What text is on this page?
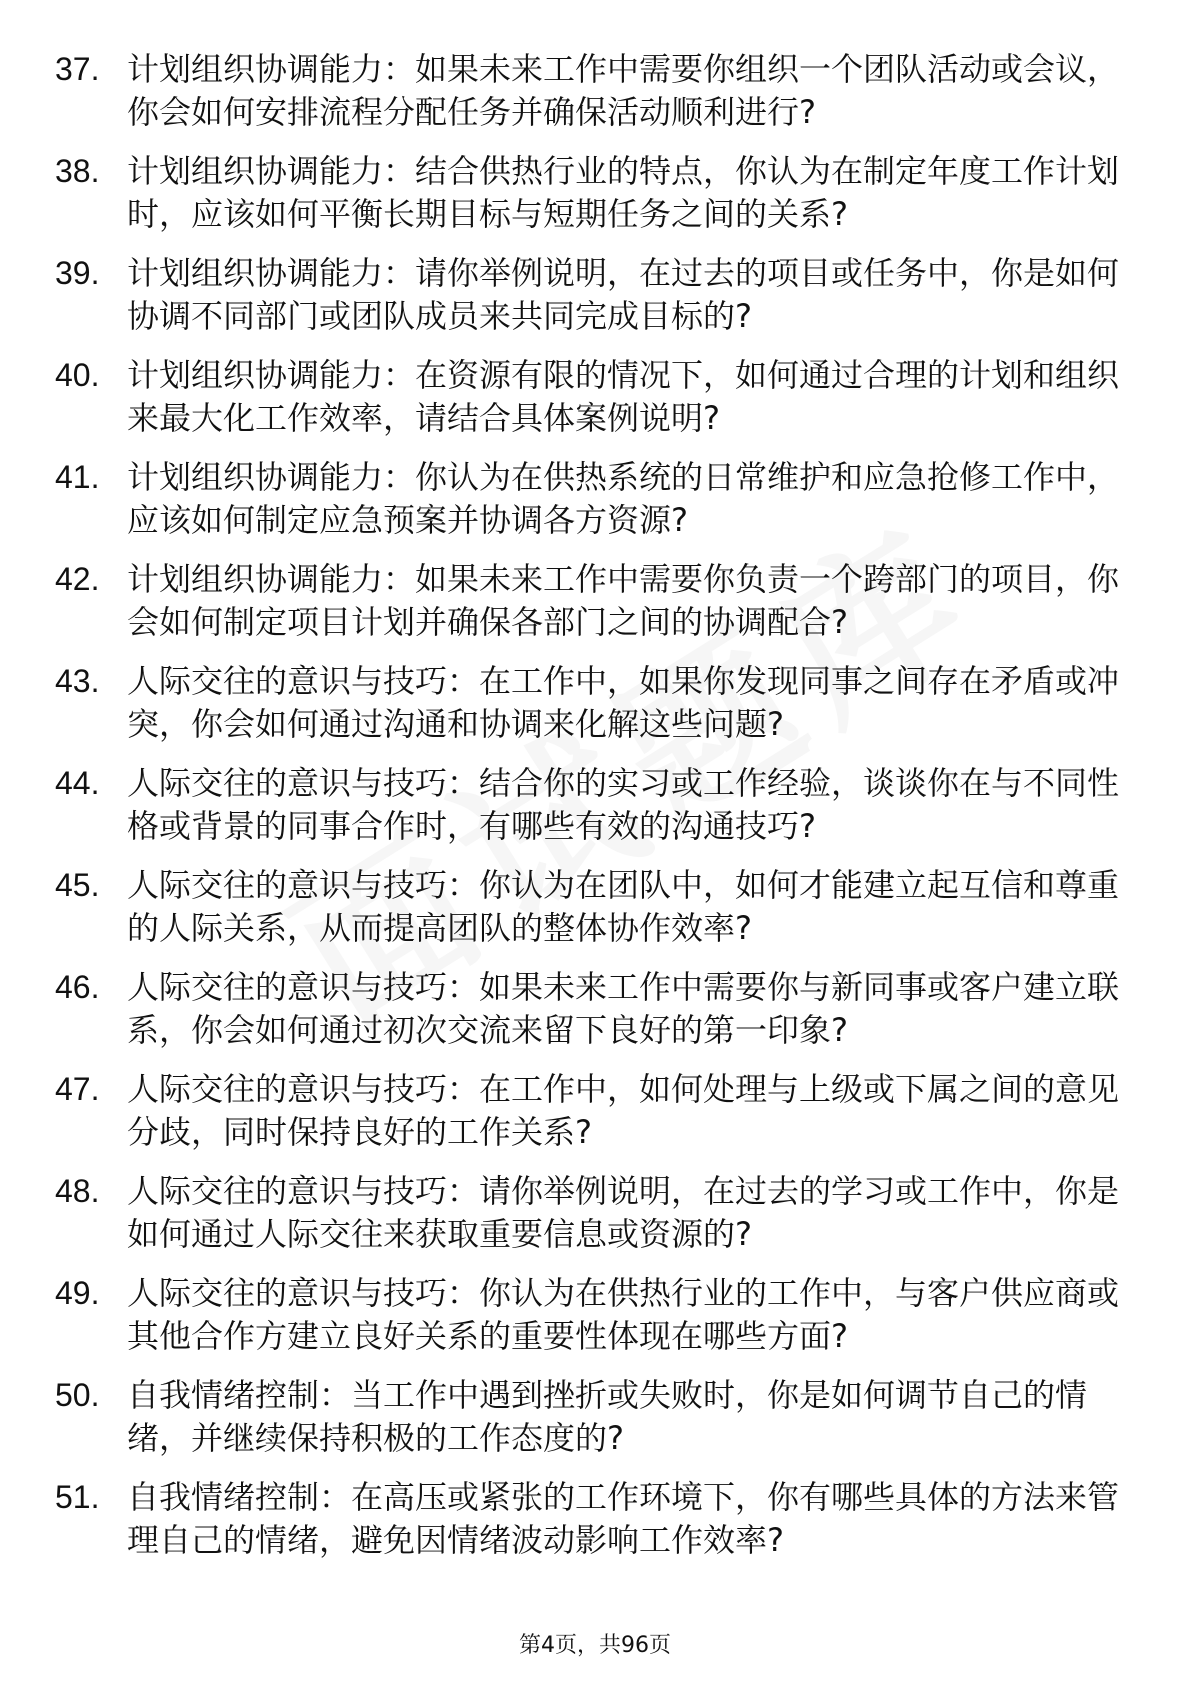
37. 计划组织协调能力：如果未来工作中需要你组织一个团队活动或会议，你会如何安排流程分配任务并确保活动顺利进行?
38. 计划组织协调能力：结合供热行业的特点，你认为在制定年度工作计划时，应该如何平衡长期目标与短期任务之间的关系?
39. 计划组织协调能力：请你举例说明，在过去的项目或任务中，你是如何协调不同部门或团队成员来共同完成目标的?
40. 计划组织协调能力：在资源有限的情况下，如何通过合理的计划和组织来最大化工作效率，请结合具体案例说明?
41. 计划组织协调能力：你认为在供热系统的日常维护和应急抢修工作中，应该如何制定应急预案并协调各方资源?
42. 计划组织协调能力：如果未来工作中需要你负责一个跨部门的项目，你会如何制定项目计划并确保各部门之间的协调配合?
43. 人际交往的意识与技巧：在工作中，如果你发现同事之间存在矛盾或冲突，你会如何通过沟通和协调来化解这些问题?
44. 人际交往的意识与技巧：结合你的实习或工作经验，谈谈你在与不同性格或背景的同事合作时，有哪些有效的沟通技巧?
45. 人际交往的意识与技巧：你认为在团队中，如何才能建立起互信和尊重的人际关系，从而提高团队的整体协作效率?
46. 人际交往的意识与技巧：如果未来工作中需要你与新同事或客户建立联系，你会如何通过初次交流来留下良好的第一印象?
47. 人际交往的意识与技巧：在工作中，如何处理与上级或下属之间的意见分歧，同时保持良好的工作关系?
48. 人际交往的意识与技巧：请你举例说明，在过去的学习或工作中，你是如何通过人际交往来获取重要信息或资源的?
49. 人际交往的意识与技巧：你认为在供热行业的工作中，与客户供应商或其他合作方建立良好关系的重要性体现在哪些方面?
50. 自我情绪控制：当工作中遇到挫折或失败时，你是如何调节自己的情绪，并继续保持积极的工作态度的?
51. 自我情绪控制：在高压或紧张的工作环境下，你有哪些具体的方法来管理自己的情绪，避免因情绪波动影响工作效率?
第4页，共96页
